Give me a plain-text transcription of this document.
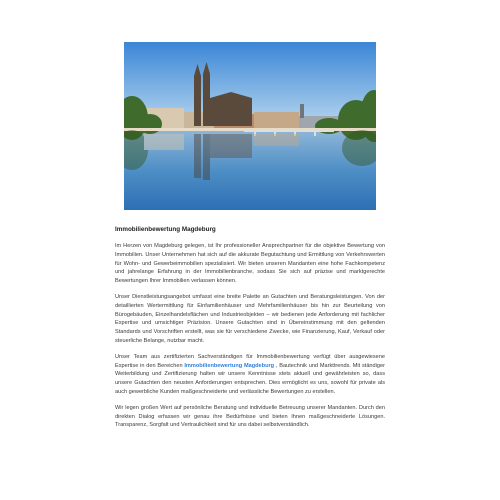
Immobilienbewertung Magdeburg

Im Herzen von Magdeburg gelegen, ist Ihr professioneller Ansprechpartner für die objektive Bewertung von Immobilien. Unser Unternehmen hat sich auf die akkurate Begutachtung und Ermittlung von Verkehrswerten für Wohn- und Gewerbeimmobilien spezialisiert. Wir bieten unseren Mandanten eine hohe Fachkompetenz und jahrelange Erfahrung in der Immobilienbranche, sodass Sie sich auf präzise und marktgerechte Bewertungen Ihrer Immobilien verlassen können.

Unser Dienstleistungsangebot umfasst eine breite Palette an Gutachten und Beratungsleistungen. Von der detaillierten Wertermittlung für Einfamilienhäuser und Mehrfamilienhäuser bis hin zur Beurteilung von Bürogebäuden, Einzelhandelsflächen und Industrieobjekten – wir bedienen jede Anforderung mit fachlicher Expertise und umsichtiger Präzision. Unsere Gutachten sind in Übereinstimmung mit den geltenden Standards und Vorschriften erstellt, was sie für verschiedene Zwecke, wie Finanzierung, Kauf, Verkauf oder steuerliche Belange, nutzbar macht.

Unser Team aus zertifizierten Sachverständigen für Immobilienbewertung verfügt über ausgewiesene Expertise in den Bereichen Immobilienbewertung Magdeburg , Bautechnik und Markttrends. Mit ständiger Weiterbildung und Zertifizierung halten wir unsere Kenntnisse stets aktuell und gewährleisten so, dass unsere Gutachten den neusten Anforderungen entsprechen. Dies ermöglicht es uns, sowohl für private als auch gewerbliche Kunden maßgeschneiderte und verlässliche Bewertungen zu erstellen.

Wir legen großen Wert auf persönliche Beratung und individuelle Betreuung unserer Mandanten. Durch den direkten Dialog erfassen wir genau ihre Bedürfnisse und bieten Ihnen maßgeschneiderte Lösungen. Transparenz, Sorgfalt und Vertraulichkeit sind für uns dabei selbstverständlich.
